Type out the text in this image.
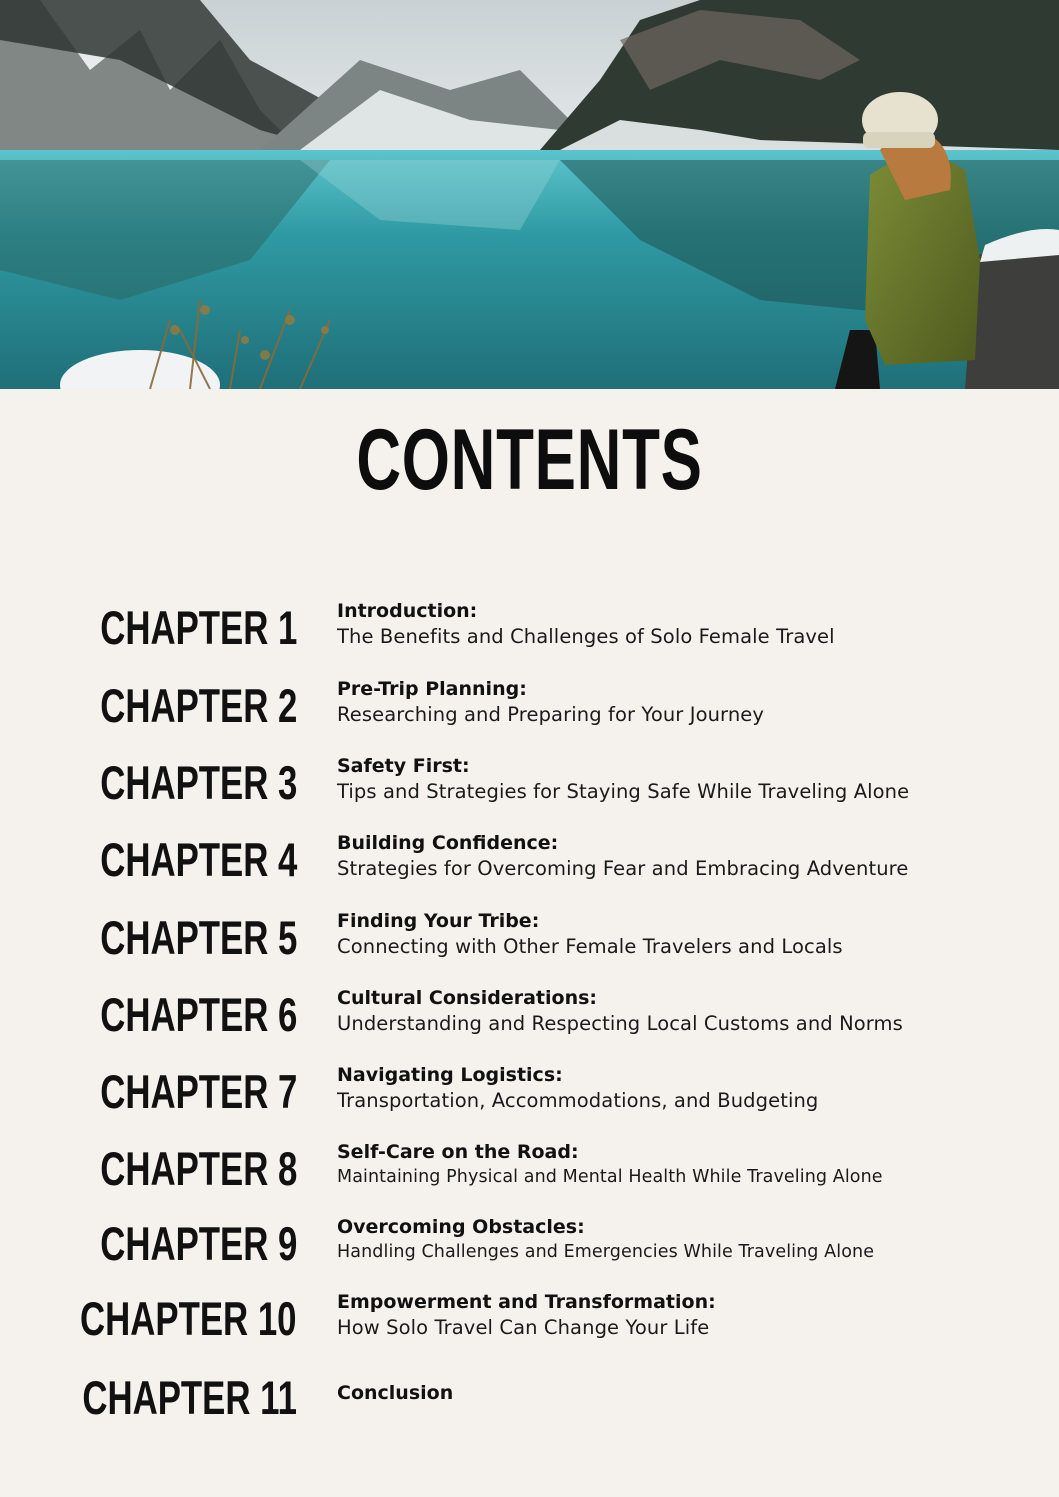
CONTENTS
CHAPTER 1 Introduction:
The Benefits and Challenges of Solo Female Travel
CHAPTER 2 Pre-Trip Planning:
Researching and Preparing for Your Journey
CHAPTER 3 Safety First:
Tips and Strategies for Staying Safe While Traveling Alone
CHAPTER 4 Building Confidence:
Strategies for Overcoming Fear and Embracing Adventure
CHAPTER 5 Finding Your Tribe:
Connecting with Other Female Travelers and Locals
CHAPTER 6 Cultural Considerations:
Understanding and Respecting Local Customs and Norms
CHAPTER 7 Navigating Logistics:
Transportation, Accommodations, and Budgeting
CHAPTER 8 Self-Care on the Road:
Maintaining Physical and Mental Health While Traveling Alone
CHAPTER 9 Overcoming Obstacles:
Handling Challenges and Emergencies While Traveling Alone
CHAPTER 10 Empowerment and Transformation:
How Solo Travel Can Change Your Life
CHAPTER 11 Conclusion
